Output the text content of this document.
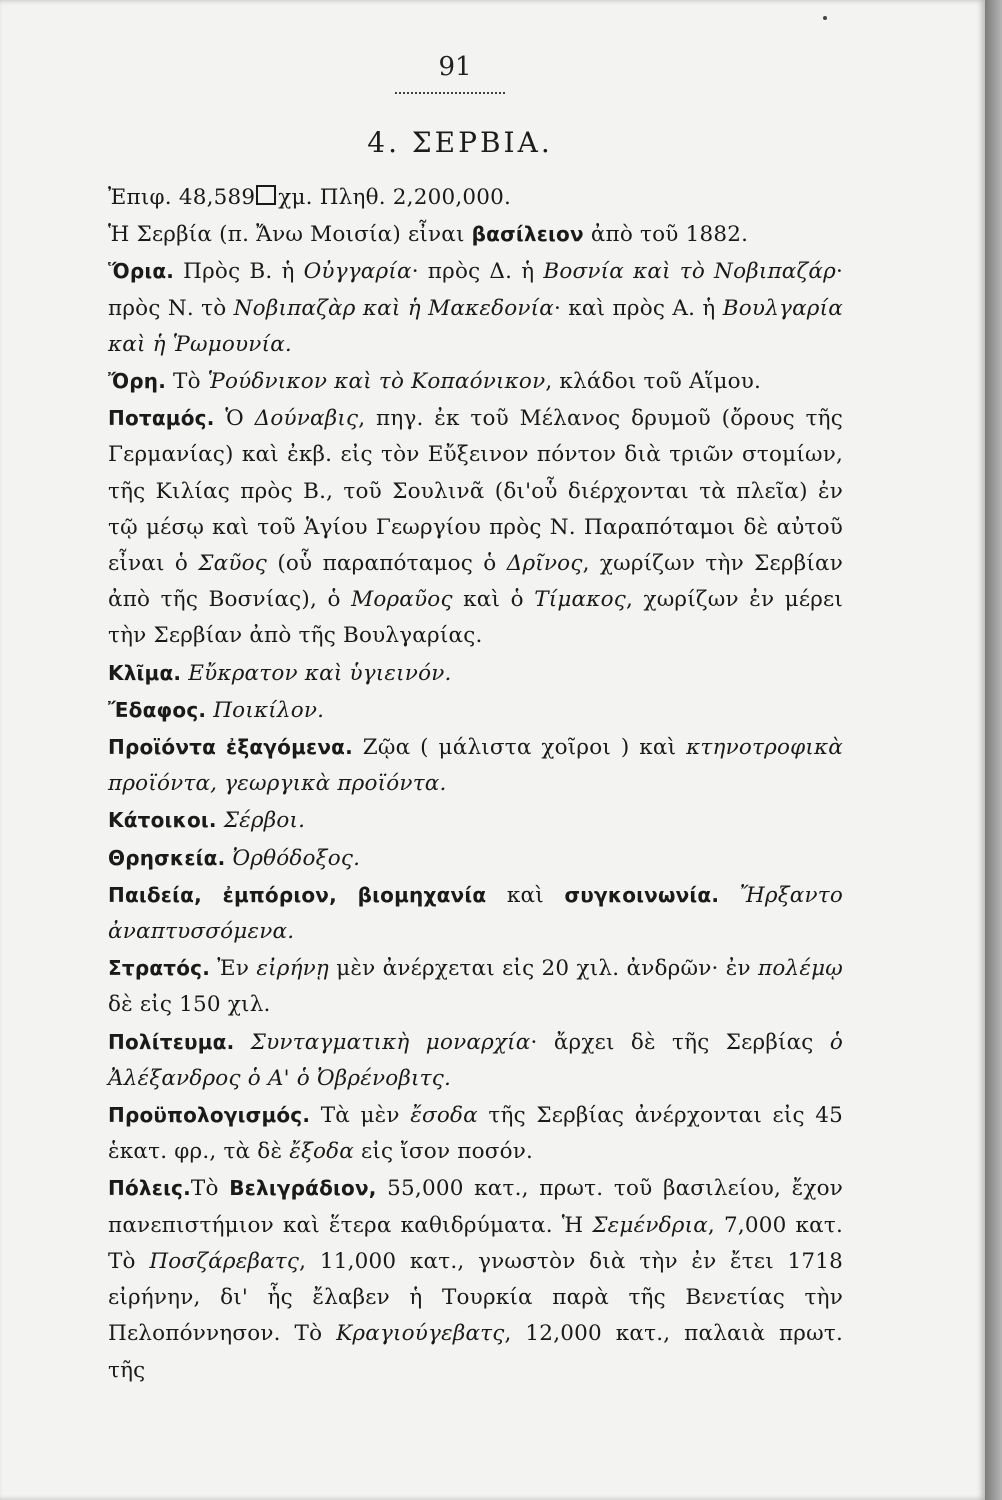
91
4. ΣΕΡΒΙΑ.

Ἐπιφ. 48,589 χμ. Πληθ. 2,200,000.

Ἡ Σερβία (π. Ἄνω Μοισία) εἶναι βασίλειον ἀπὸ τοῦ 1882.

Ὅρια. Πρὸς Β. ἡ Οὐγγαρία· πρὸς Δ. ἡ Βοσνία καὶ τὸ Νοβιπαζάρ· πρὸς Ν. τὸ Νοβιπαζὰρ καὶ ἡ Μακεδονία· καὶ πρὸς Α. ἡ Βουλγαρία καὶ ἡ Ῥωμουνία.

Ὄρη. Τὸ Ῥούδνικον καὶ τὸ Κοπαόνικον, κλάδοι τοῦ Αἵμου.

Ποταμός. Ὁ Δούναβις, πηγ. ἐκ τοῦ Μέλανος δρυμοῦ (ὄρους τῆς Γερμανίας) καὶ ἐκβ. εἰς τὸν Εὔξεινον πόντον διὰ τριῶν στομίων, τῆς Κιλίας πρὸς Β., τοῦ Σουλινᾶ (δι'οὗ διέρχονται τὰ πλεῖα) ἐν τῷ μέσῳ καὶ τοῦ Ἁγίου Γεωργίου πρὸς Ν. Παραπόταμοι δὲ αὐτοῦ εἶναι ὁ Σαῦος (οὗ παραπόταμος ὁ Δρῖνος, χωρίζων τὴν Σερβίαν ἀπὸ τῆς Βοσνίας), ὁ Μοραῦος καὶ ὁ Τίμακος, χωρίζων ἐν μέρει τὴν Σερβίαν ἀπὸ τῆς Βουλγαρίας.

Κλῖμα. Εὔκρατον καὶ ὑγιεινόν.

Ἔδαφος. Ποικίλον.

Προϊόντα ἐξαγόμενα. Ζῷα ( μάλιστα χοῖροι ) καὶ κτηνοτροφικὰ προϊόντα, γεωργικὰ προϊόντα.

Κάτοικοι. Σέρβοι.

Θρησκεία. Ὀρθόδοξος.

Παιδεία, ἐμπόριον, βιομηχανία καὶ συγκοινωνία. Ἤρξαντο ἀναπτυσσόμενα.

Στρατός. Ἐν εἰρήνῃ μὲν ἀνέρχεται εἰς 20 χιλ. ἀνδρῶν· ἐν πολέμῳ δὲ εἰς 150 χιλ.

Πολίτευμα. Συνταγματικὴ μοναρχία· ἄρχει δὲ τῆς Σερβίας ὁ Ἀλέξανδρος ὁ Α' ὁ Ὀβρένοβιτς.

Προϋπολογισμός. Τὰ μὲν ἔσοδα τῆς Σερβίας ἀνέρχονται εἰς 45 ἑκατ. φρ., τὰ δὲ ἔξοδα εἰς ἴσον ποσόν.

Πόλεις.Τὸ Βελιγράδιον, 55,000 κατ., πρωτ. τοῦ βασιλείου, ἔχον πανεπιστήμιον καὶ ἕτερα καθιδρύματα. Ἡ Σεμένδρια, 7,000 κατ. Τὸ Ποσζάρεβατς, 11,000 κατ., γνωστὸν διὰ τὴν ἐν ἔτει 1718 εἰρήνην, δι' ἧς ἔλαβεν ἡ Τουρκία παρὰ τῆς Βενετίας τὴν Πελοπόννησον. Τὸ Κραγιούγεβατς, 12,000 κατ., παλαιὰ πρωτ. τῆς
